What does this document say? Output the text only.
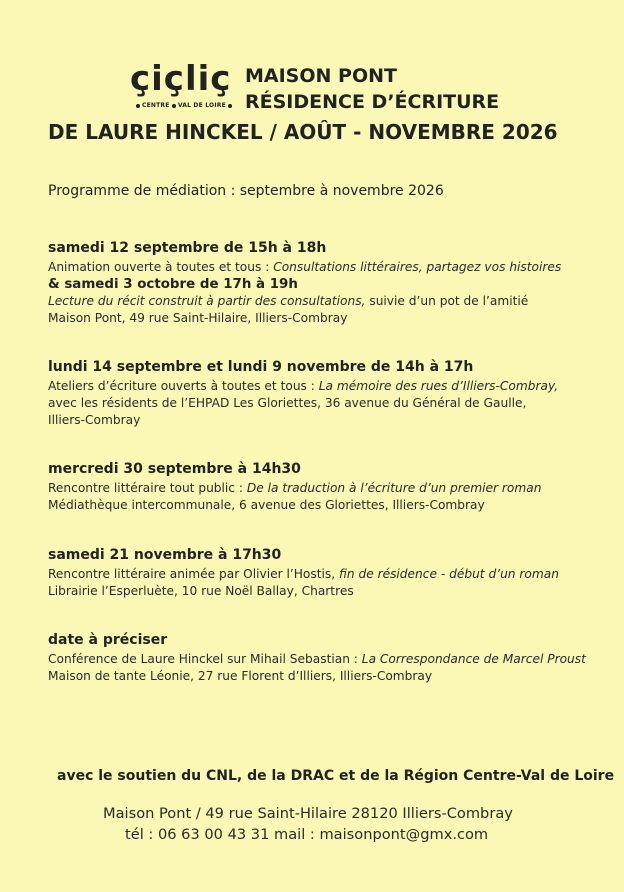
çiçliç
CENTRE VAL DE LOIRE
MAISON PONT
RÉSIDENCE D’ÉCRITURE
DE LAURE HINCKEL / AOÛT - NOVEMBRE 2026
Programme de médiation : septembre à novembre 2026
samedi 12 septembre de 15h à 18h
Animation ouverte à toutes et tous : Consultations littéraires, partagez vos histoires
& samedi 3 octobre de 17h à 19h
Lecture du récit construit à partir des consultations, suivie d’un pot de l’amitié
Maison Pont, 49 rue Saint-Hilaire, Illiers-Combray
lundi 14 septembre et lundi 9 novembre de 14h à 17h
Ateliers d’écriture ouverts à toutes et tous : La mémoire des rues d’Illiers-Combray,
avec les résidents de l’EHPAD Les Gloriettes, 36 avenue du Général de Gaulle,
Illiers-Combray
mercredi 30 septembre à 14h30
Rencontre littéraire tout public : De la traduction à l’écriture d’un premier roman
Médiathèque intercommunale, 6 avenue des Gloriettes, Illiers-Combray
samedi 21 novembre à 17h30
Rencontre littéraire animée par Olivier l’Hostis, fin de résidence - début d’un roman
Librairie l’Esperluète, 10 rue Noël Ballay, Chartres
date à préciser
Conférence de Laure Hinckel sur Mihail Sebastian : La Correspondance de Marcel Proust
Maison de tante Léonie, 27 rue Florent d’Illiers, Illiers-Combray
avec le soutien du CNL, de la DRAC et de la Région Centre-Val de Loire
Maison Pont / 49 rue Saint-Hilaire 28120 Illiers-Combray
tél : 06 63 00 43 31 mail : maisonpont@gmx.com
